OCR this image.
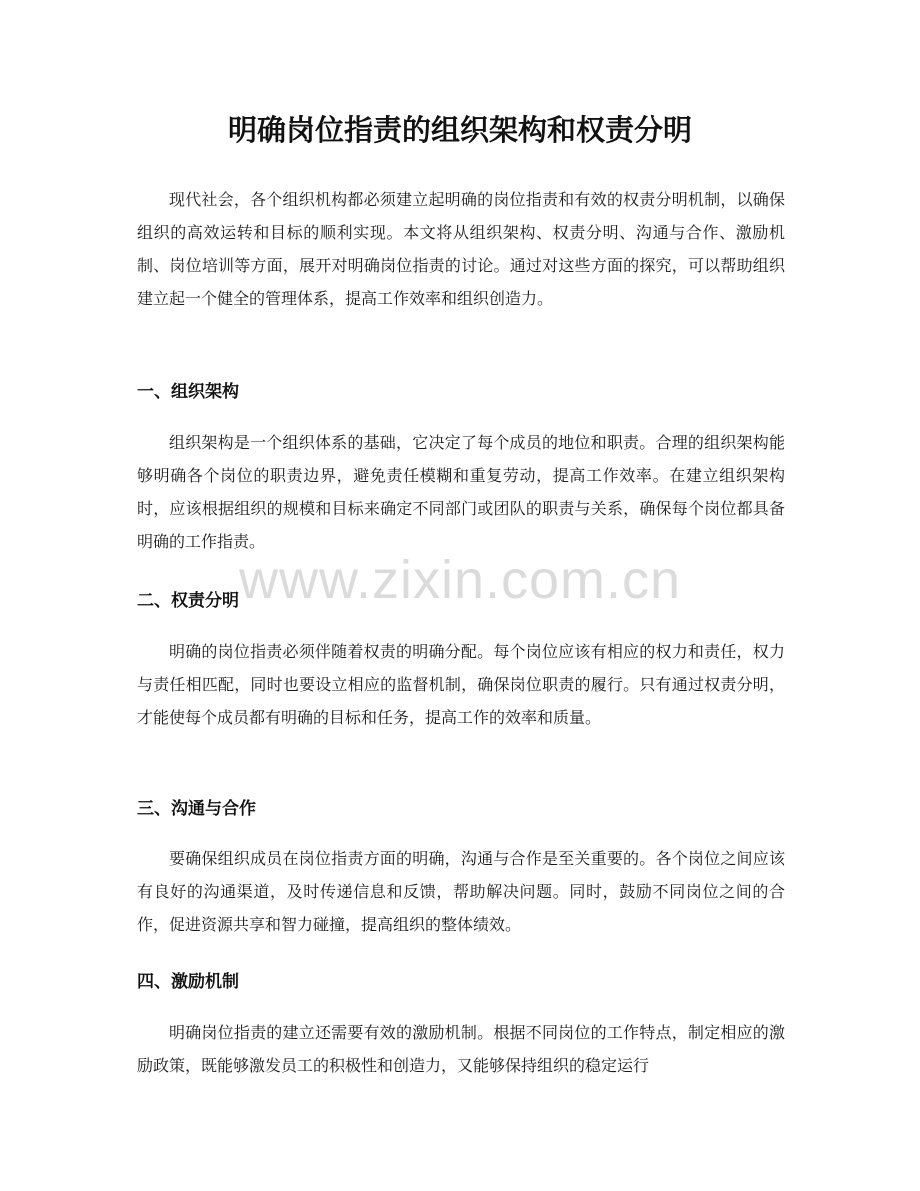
明确岗位指责的组织架构和权责分明

现代社会，各个组织机构都必须建立起明确的岗位指责和有效的权责分明机制，以确保组织的高效运转和目标的顺利实现。本文将从组织架构、权责分明、沟通与合作、激励机制、岗位培训等方面，展开对明确岗位指责的讨论。通过对这些方面的探究，可以帮助组织建立起一个健全的管理体系，提高工作效率和组织创造力。

一、组织架构

组织架构是一个组织体系的基础，它决定了每个成员的地位和职责。合理的组织架构能够明确各个岗位的职责边界，避免责任模糊和重复劳动，提高工作效率。在建立组织架构时，应该根据组织的规模和目标来确定不同部门或团队的职责与关系，确保每个岗位都具备明确的工作指责。

二、权责分明

明确的岗位指责必须伴随着权责的明确分配。每个岗位应该有相应的权力和责任，权力与责任相匹配，同时也要设立相应的监督机制，确保岗位职责的履行。只有通过权责分明，才能使每个成员都有明确的目标和任务，提高工作的效率和质量。

三、沟通与合作

要确保组织成员在岗位指责方面的明确，沟通与合作是至关重要的。各个岗位之间应该有良好的沟通渠道，及时传递信息和反馈，帮助解决问题。同时，鼓励不同岗位之间的合作，促进资源共享和智力碰撞，提高组织的整体绩效。

四、激励机制

明确岗位指责的建立还需要有效的激励机制。根据不同岗位的工作特点，制定相应的激励政策，既能够激发员工的积极性和创造力，又能够保持组织的稳定运行

www.zixin.com.cn
